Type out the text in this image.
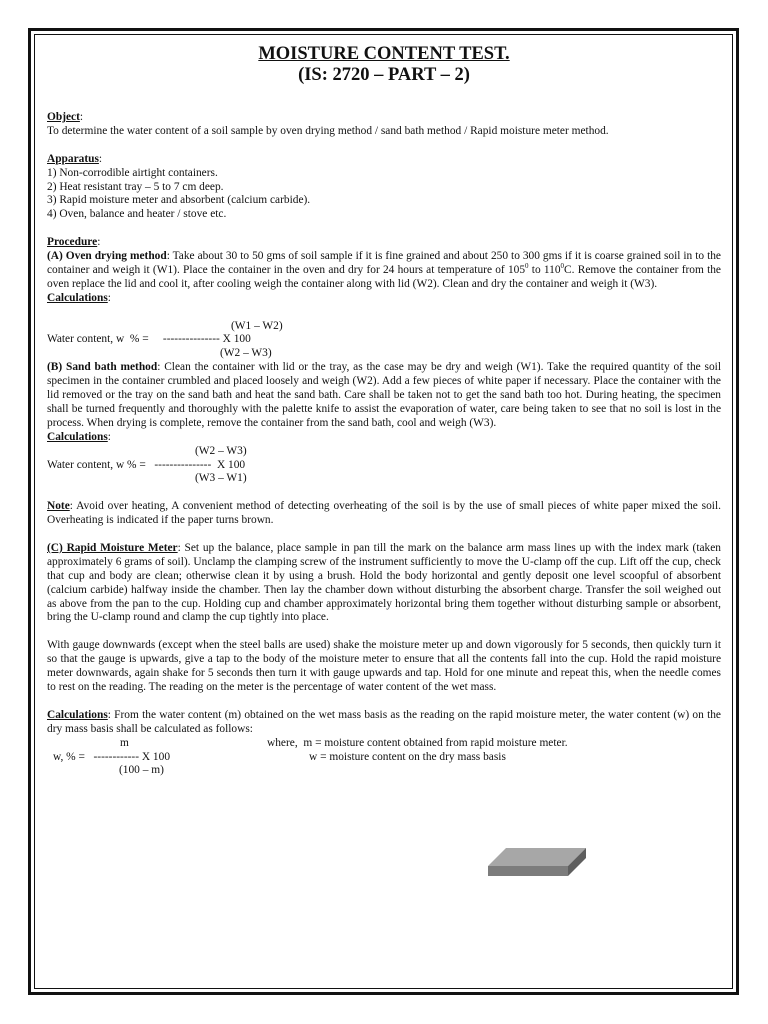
MOISTURE CONTENT TEST.

(IS: 2720 – PART – 2)

Object:

To determine the water content of a soil sample by oven drying method / sand bath method / Rapid moisture meter method.

Apparatus:

1) Non-corrodible airtight containers.

2) Heat resistant tray – 5 to 7 cm deep.

3) Rapid moisture meter and absorbent (calcium carbide).

4) Oven, balance and heater / stove etc.

Procedure:

(A) Oven drying method: Take about 30 to 50 gms of soil sample if it is fine grained and about 250 to 300 gms if it is coarse grained soil in to the container and weigh it (W1). Place the container in the oven and dry for 24 hours at temperature of $105^0$ to $110^0C$. Remove the container from the oven replace the lid and cool it, after cooling weigh the container along with lid (W2). Clean and dry the container and weigh it (W3).

Calculations:

(W1 – W2)
Water content, w  % =     --------------- X 100
(W2 – W3)

(B) Sand bath method: Clean the container with lid or the tray, as the case may be dry and weigh (W1). Take the required quantity of the soil specimen in the container crumbled and placed loosely and weigh (W2). Add a few pieces of white paper if necessary. Place the container with the lid removed or the tray on the sand bath and heat the sand bath. Care shall be taken not to get the sand bath too hot. During heating, the specimen shall be turned frequently and thoroughly with the palette knife to assist the evaporation of water, care being taken to see that no soil is lost in the process. When drying is complete, remove the container from the sand bath, cool and weigh (W3).

Calculations:

(W2 – W3)
Water content, w % =   ---------------  X 100
(W3 – W1)

Note: Avoid over heating, A convenient method of detecting overheating of the soil is by the use of small pieces of white paper mixed the soil. Overheating is indicated if the paper turns brown.

(C) Rapid Moisture Meter: Set up the balance, place sample in pan till the mark on the balance arm mass lines up with the index mark (taken approximately 6 grams of soil). Unclamp the clamping screw of the instrument sufficiently to move the U-clamp off the cup. Lift off the cup, check that cup and body are clean; otherwise clean it by using a brush. Hold the body horizontal and gently deposit one level scoopful of absorbent (calcium carbide) halfway inside the chamber. Then lay the chamber down without disturbing the absorbent charge. Transfer the soil weighed out as above from the pan to the cup. Holding cup and chamber approximately horizontal bring them together without disturbing sample or absorbent, bring the U-clamp round and clamp the cup tightly into place.

With gauge downwards (except when the steel balls are used) shake the moisture meter up and down vigorously for 5 seconds, then quickly turn it so that the gauge is upwards, give a tap to the body of the moisture meter to ensure that all the contents fall into the cup. Hold the rapid moisture meter downwards, again shake for 5 seconds then turn it with gauge upwards and tap. Hold for one minute and repeat this, when the needle comes to rest on the reading. The reading on the meter is the percentage of water content of the wet mass.

Calculations: From the water content (m) obtained on the wet mass basis as the reading on the rapid moisture meter, the water content (w) on the dry mass basis shall be calculated as follows:

m	where,  m = moisture content obtained from rapid moisture meter.
w, % =   ------------ X 100	w = moisture content on the dry mass basis
(100 – m)
